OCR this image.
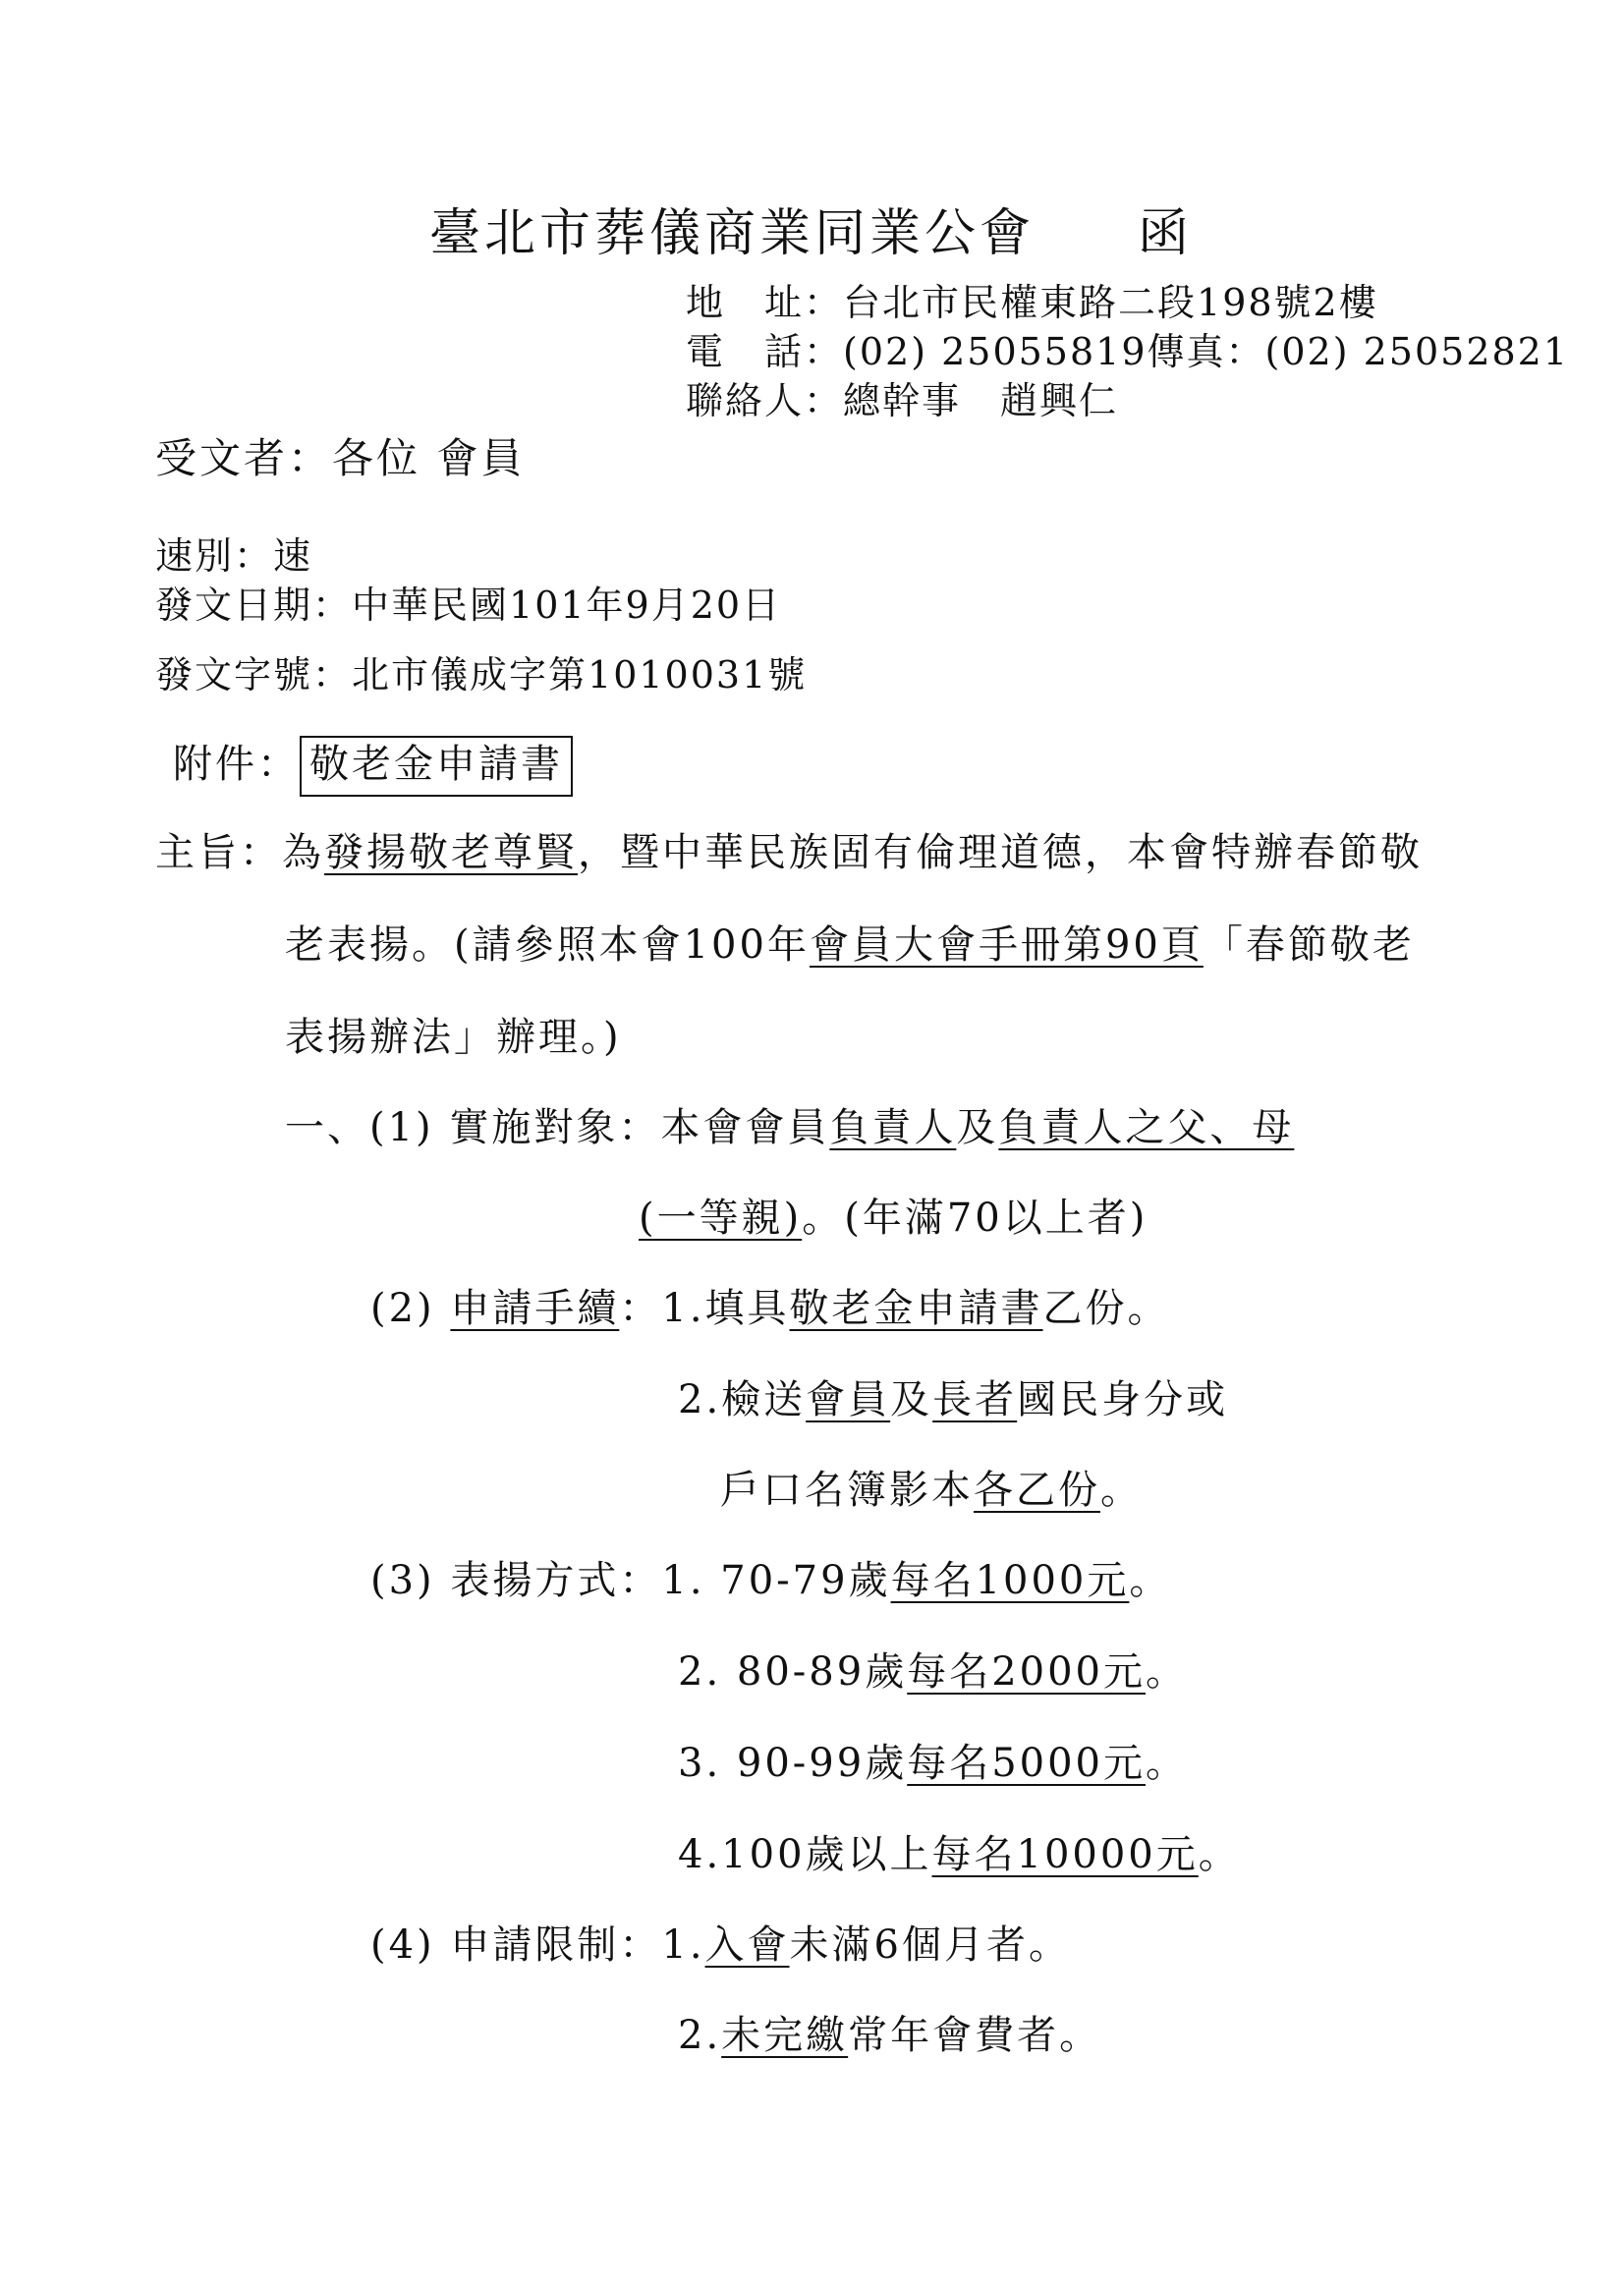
臺北市葬儀商業同業公會 函
地　址：台北市民權東路二段198號2樓
電　話：(02) 25055819傳真：(02) 25052821
聯絡人：總幹事　趙興仁
受文者：各位 會員
速別：速
發文日期：中華民國101年9月20日
發文字號：北市儀成字第1010031號
附件： 敬老金申請書
主旨：為發揚敬老尊賢，暨中華民族固有倫理道德，本會特辦春節敬
老表揚。(請參照本會100年會員大會手冊第90頁「春節敬老
表揚辦法」辦理。)
一、(1) 實施對象：本會會員負責人及負責人之父、母
(一等親)。(年滿70以上者)
(2) 申請手續：1.填具敬老金申請書乙份。
2.檢送會員及長者國民身分或
戶口名簿影本各乙份。
(3) 表揚方式：1. 70-79歲每名1000元。
2. 80-89歲每名2000元。
3. 90-99歲每名5000元。
4.100歲以上每名10000元。
(4) 申請限制：1.入會未滿6個月者。
2.未完繳常年會費者。
